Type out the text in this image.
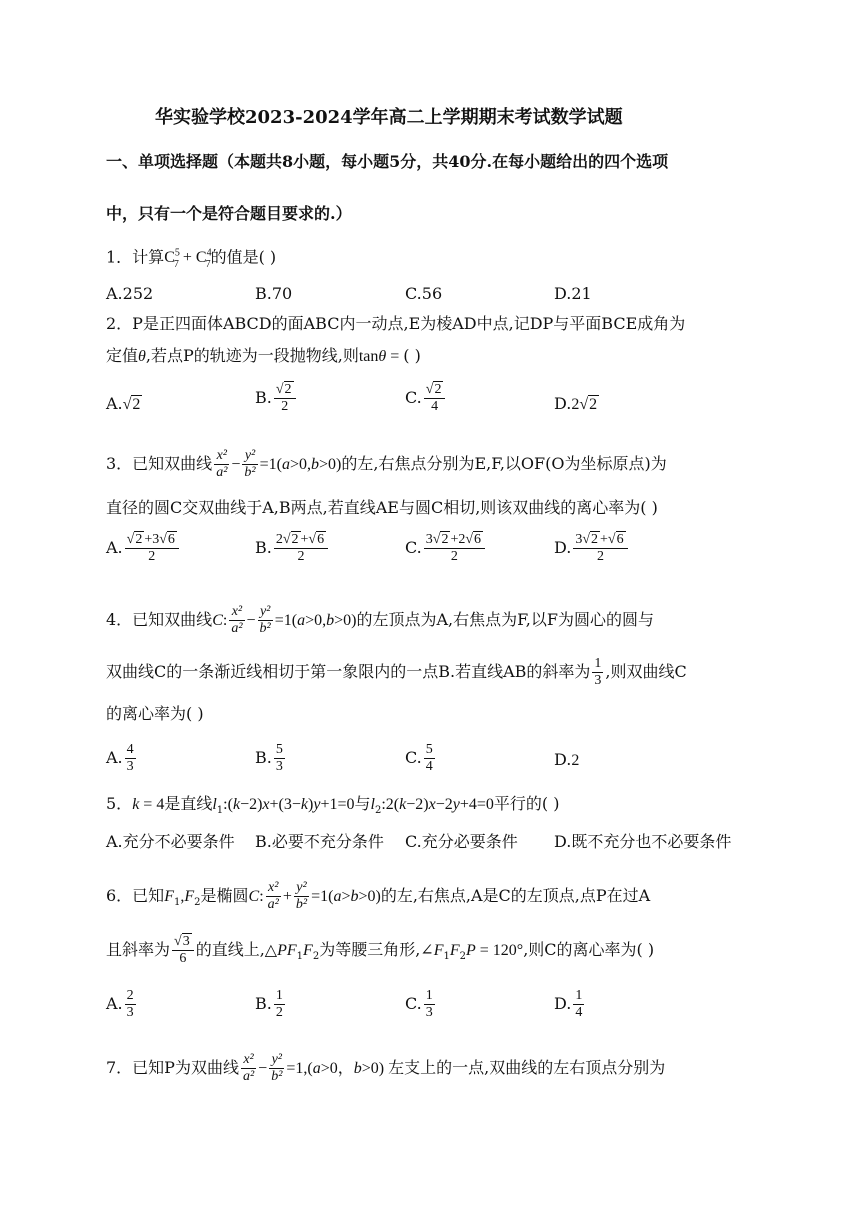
华实验学校2023-2024学年高二上学期期末考试数学试题
一、单项选择题（本题共8小题，每小题5分，共40分.在每小题给出的四个选项
中，只有一个是符合题目要求的.）
1．计算$C^5_7 + C^4_7$的值是( )
A.252	B.70	C.56	D.21
2．P是正四面体ABCD的面ABC内一动点,E为棱AD中点,记DP与平面BCE成角为
定值θ,若点P的轨迹为一段抛物线,则tanθ = ( )
A.√2	B. $\frac{√2}{2}$	C. $\frac{√2}{4}$	D.2√2
3．已知双曲线 $\frac{\text{x²}}{\text{a²}} - \frac{\text{y²}}{\text{b²}} =1(a>0,b>0)$的左,右焦点分别为E,F,以OF(O为坐标原点)为
直径的圆C交双曲线于A,B两点,若直线AE与圆C相切,则该双曲线的离心率为( )
A. $\frac{√2 +3√6}{2}$	B. $\frac{2√2 +√6}{2}$	C. $\frac{3√2 +2√6}{2}$	D. $\frac{3√2 +√6}{2}$
4．已知双曲线C: $\frac{\text{x²}}{\text{a²}} - \frac{\text{y²}}{\text{b²}} =1(a>0,b>0)$的左顶点为A,右焦点为F,以F为圆心的圆与
双曲线C的一条渐近线相切于第一象限内的一点B.若直线AB的斜率为 $\frac{1}{3}$ ,则双曲线C
的离心率为( )
A. $\frac{4}{3}$	B. $\frac{5}{3}$	C. $\frac{5}{4}$	D.2
5．k = 4是直线$l_1:(k-2)x+(3-k)y+1=0$与$l_2:2(k-2)x-2y+4=0$平行的( )
A.充分不必要条件 B.必要不充分条件 C.充分必要条件 D.既不充分也不必要条件
6．已知$F_1,F_2$是椭圆C: $\frac{\text{x²}}{\text{a²}} + \frac{\text{y²}}{\text{b²}} =1(a>b>0)$的左,右焦点,A是C的左顶点,点P在过A
且斜率为 $\frac{√3}{6}$ 的直线上$,\triangle PF_1F_2$为等腰三角形$,\angle F_1F_2P = 120^\circ$,则C的离心率为( )
A. $\frac{2}{3}$	B. $\frac{1}{2}$	C. $\frac{1}{3}$	D. $\frac{1}{4}$
7．已知P为双曲线 $\frac{\text{x²}}{\text{a²}} - \frac{\text{y²}}{\text{b²}} =1,(a>0$，b>0) 左支上的一点,双曲线的左右顶点分别为
